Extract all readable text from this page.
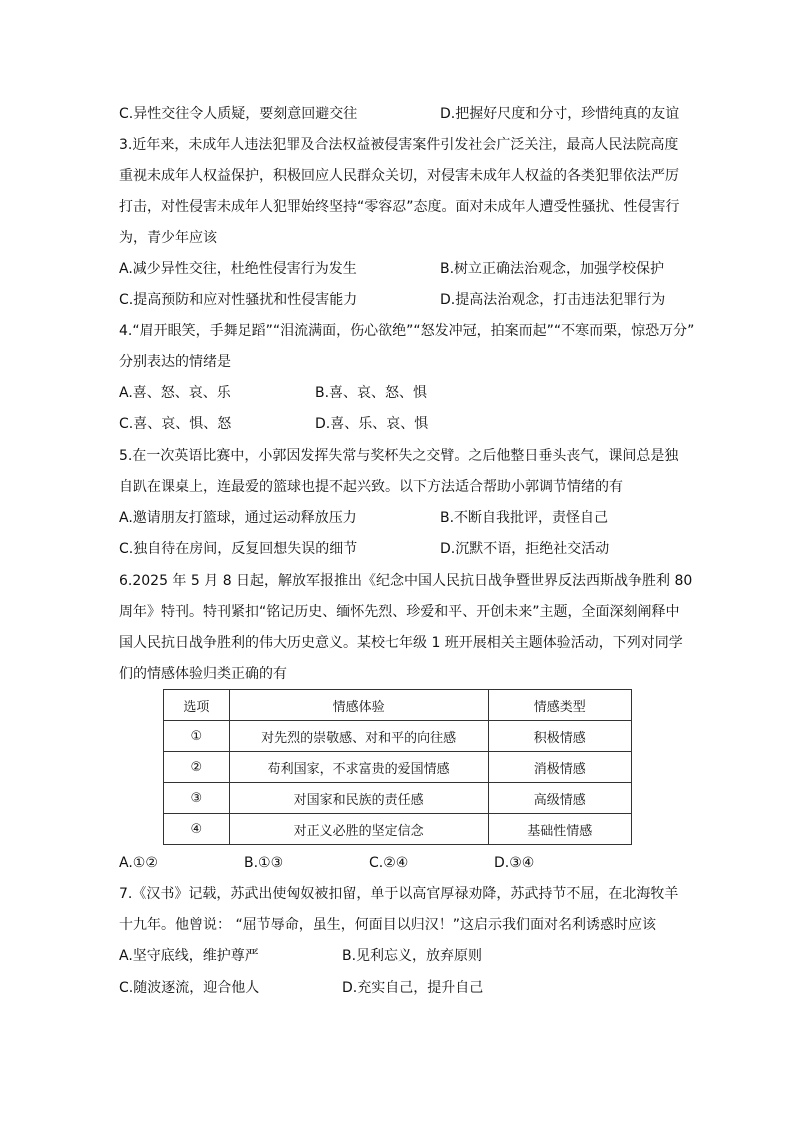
C.异性交往令人质疑，要刻意回避交往	D.把握好尺度和分寸，珍惜纯真的友谊
3.近年来，未成年人违法犯罪及合法权益被侵害案件引发社会广泛关注，最高人民法院高度
重视未成年人权益保护，积极回应人民群众关切，对侵害未成年人权益的各类犯罪依法严厉
打击，对性侵害未成年人犯罪始终坚持“零容忍”态度。面对未成年人遭受性骚扰、性侵害行
为，青少年应该
A.减少异性交往，杜绝性侵害行为发生	B.树立正确法治观念，加强学校保护
C.提高预防和应对性骚扰和性侵害能力	D.提高法治观念，打击违法犯罪行为
4.“眉开眼笑，手舞足蹈”“泪流满面，伤心欲绝”“怒发冲冠，拍案而起”“不寒而栗，惊恐万分”
分别表达的情绪是
A.喜、怒、哀、乐	B.喜、哀、怒、惧
C.喜、哀、惧、怒	D.喜、乐、哀、惧
5.在一次英语比赛中，小郭因发挥失常与奖杯失之交臂。之后他整日垂头丧气，课间总是独
自趴在课桌上，连最爱的篮球也提不起兴致。以下方法适合帮助小郭调节情绪的有
A.邀请朋友打篮球，通过运动释放压力	B.不断自我批评，责怪自己
C.独自待在房间，反复回想失误的细节	D.沉默不语，拒绝社交活动
6.2025 年 5 月 8 日起，解放军报推出《纪念中国人民抗日战争暨世界反法西斯战争胜利 80
周年》特刊。特刊紧扣“铭记历史、缅怀先烈、珍爱和平、开创未来”主题，全面深刻阐释中
国人民抗日战争胜利的伟大历史意义。某校七年级 1 班开展相关主题体验活动，下列对同学
们的情感体验归类正确的有
选项	情感体验	情感类型
①	对先烈的崇敬感、对和平的向往感	积极情感
②	苟利国家，不求富贵的爱国情感	消极情感
③	对国家和民族的责任感	高级情感
④	对正义必胜的坚定信念	基础性情感
A.①②	B.①③	C.②④	D.③④
7.《汉书》记载，苏武出使匈奴被扣留，单于以高官厚禄劝降，苏武持节不屈，在北海牧羊
十九年。他曾说： “屈节辱命，虽生，何面目以归汉！”这启示我们面对名利诱惑时应该
A.坚守底线，维护尊严	B.见利忘义，放弃原则
C.随波逐流，迎合他人	D.充实自己，提升自己
